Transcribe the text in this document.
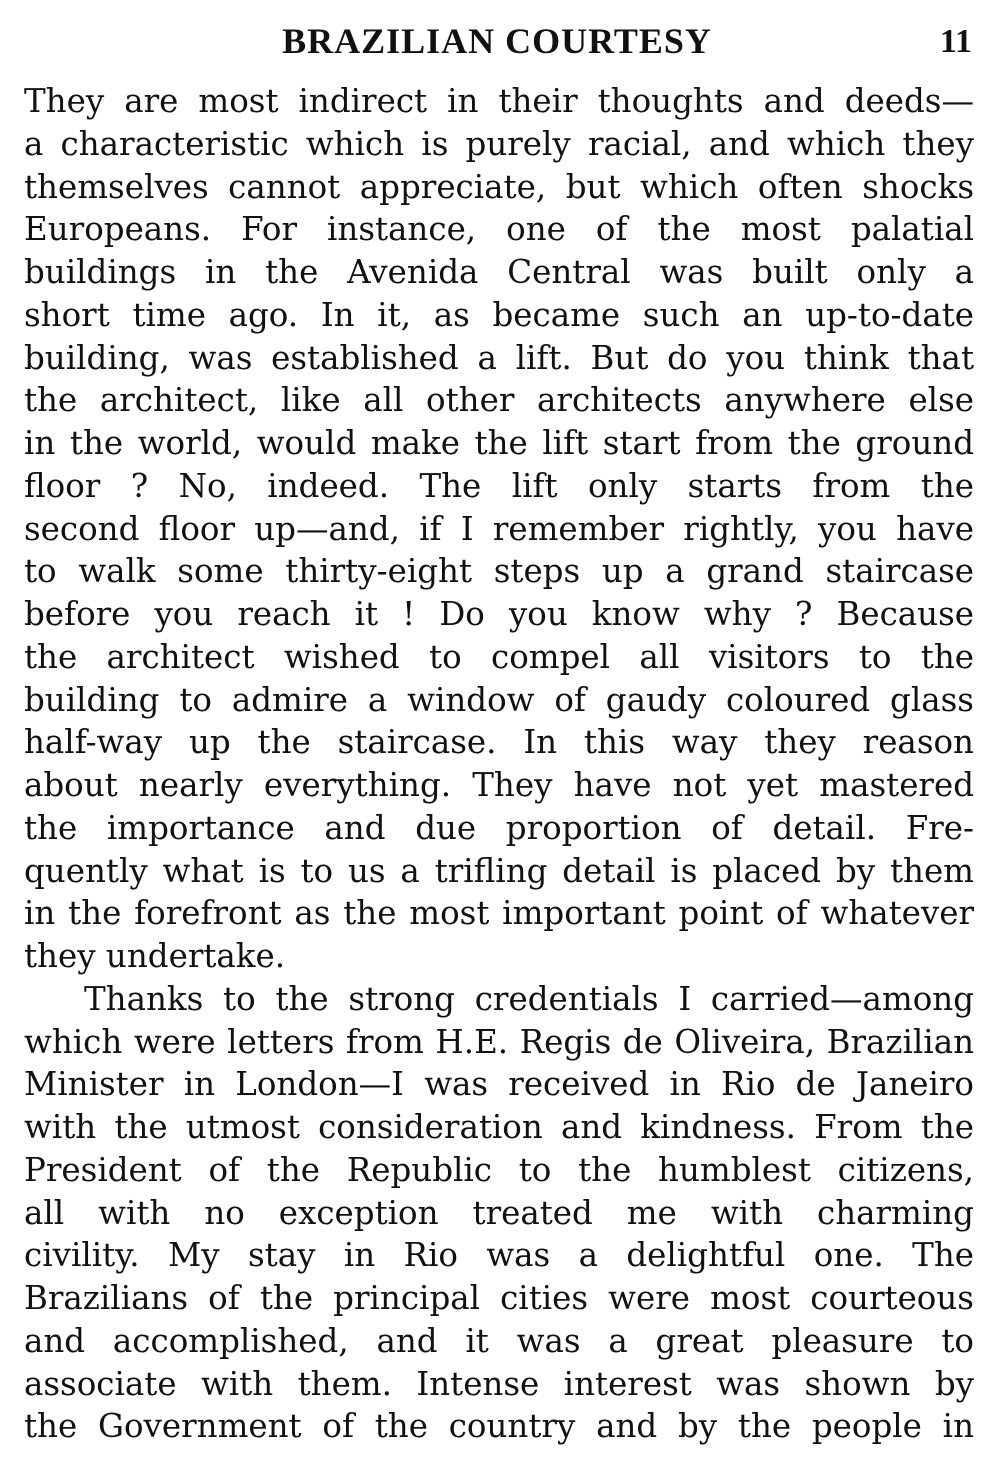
BRAZILIAN COURTESY	11
They are most indirect in their thoughts and deeds—
a characteristic which is purely racial, and which they
themselves cannot appreciate, but which often shocks
Europeans. For instance, one of the most palatial
buildings in the Avenida Central was built only a
short time ago. In it, as became such an up-to-date
building, was established a lift. But do you think that
the architect, like all other architects anywhere else
in the world, would make the lift start from the ground
floor ? No, indeed. The lift only starts from the
second floor up—and, if I remember rightly, you have
to walk some thirty-eight steps up a grand staircase
before you reach it ! Do you know why ? Because
the architect wished to compel all visitors to the
building to admire a window of gaudy coloured glass
half-way up the staircase. In this way they reason
about nearly everything. They have not yet mastered
the importance and due proportion of detail. Fre-
quently what is to us a trifling detail is placed by them
in the forefront as the most important point of whatever
they undertake.
Thanks to the strong credentials I carried—among
which were letters from H.E. Regis de Oliveira, Brazilian
Minister in London—I was received in Rio de Janeiro
with the utmost consideration and kindness. From the
President of the Republic to the humblest citizens,
all with no exception treated me with charming
civility. My stay in Rio was a delightful one. The
Brazilians of the principal cities were most courteous
and accomplished, and it was a great pleasure to
associate with them. Intense interest was shown by
the Government of the country and by the people in
